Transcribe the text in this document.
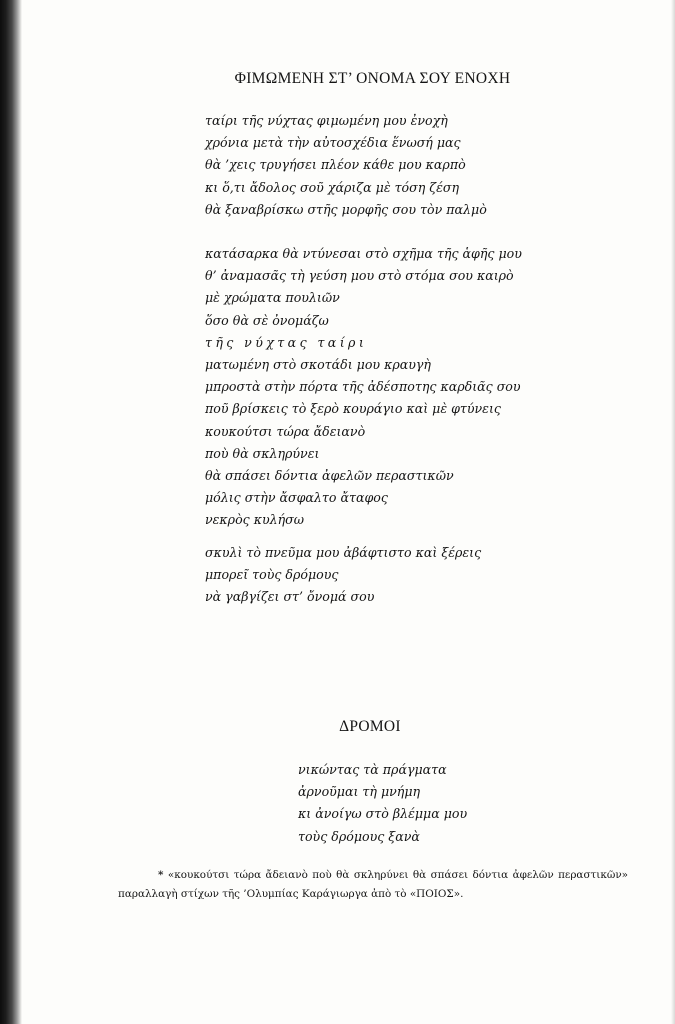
ΦΙΜΩΜΕΝΗ ΣΤ’ ΟΝΟΜΑ ΣΟΥ ΕΝΟΧΗ
ταίρι τῆς νύχτας φιμωμένη μου ἐνοχὴ
χρόνια μετὰ τὴν αὐτοσχέδια ἕνωσή μας
θὰ ’χεις τρυγήσει πλέον κάθε μου καρπὸ
κι ὅ,τι ἄδολος σοῦ χάριζα μὲ τόση ζέση
θὰ ξαναβρίσκω στῆς μορφῆς σου τὸν παλμὸ
κατάσαρκα θὰ ντύνεσαι στὸ σχῆμα τῆς ἁφῆς μου
θ’ ἀναμασᾶς τὴ γεύση μου στὸ στόμα σου καιρὸ
μὲ χρώματα πουλιῶν
ὅσο θὰ σὲ ὀνομάζω
τῆς νύχτας ταίρι
ματωμένη στὸ σκοτάδι μου κραυγὴ
μπροστὰ στὴν πόρτα τῆς ἀδέσποτης καρδιᾶς σου
ποῦ βρίσκεις τὸ ξερὸ κουράγιο καὶ μὲ φτύνεις
κουκούτσι τώρα ἄδειανὸ
ποὺ θὰ σκληρύνει
θὰ σπάσει δόντια ἀφελῶν περαστικῶν
μόλις στὴν ἄσφαλτο ἄταφος
νεκρὸς κυλήσω
σκυλὶ τὸ πνεῦμα μου ἀβάφτιστο καὶ ξέρεις
μπορεῖ τοὺς δρόμους
νὰ γαβγίζει στ’ ὄνομά σου
ΔΡΟΜΟΙ
νικώντας τὰ πράγματα
ἀρνοῦμαι τὴ μνήμη
κι ἀνοίγω στὸ βλέμμα μου
τοὺς δρόμους ξανὰ

* «κουκούτσι τώρα ἄδειανὸ ποὺ θὰ σκληρύνει θὰ σπάσει δόντια ἀφελῶν περαστικῶν» παραλλαγὴ στίχων τῆς ’Ολυμπίας Καράγιωργα ἀπὸ τὸ «ΠΟΙΟΣ».
